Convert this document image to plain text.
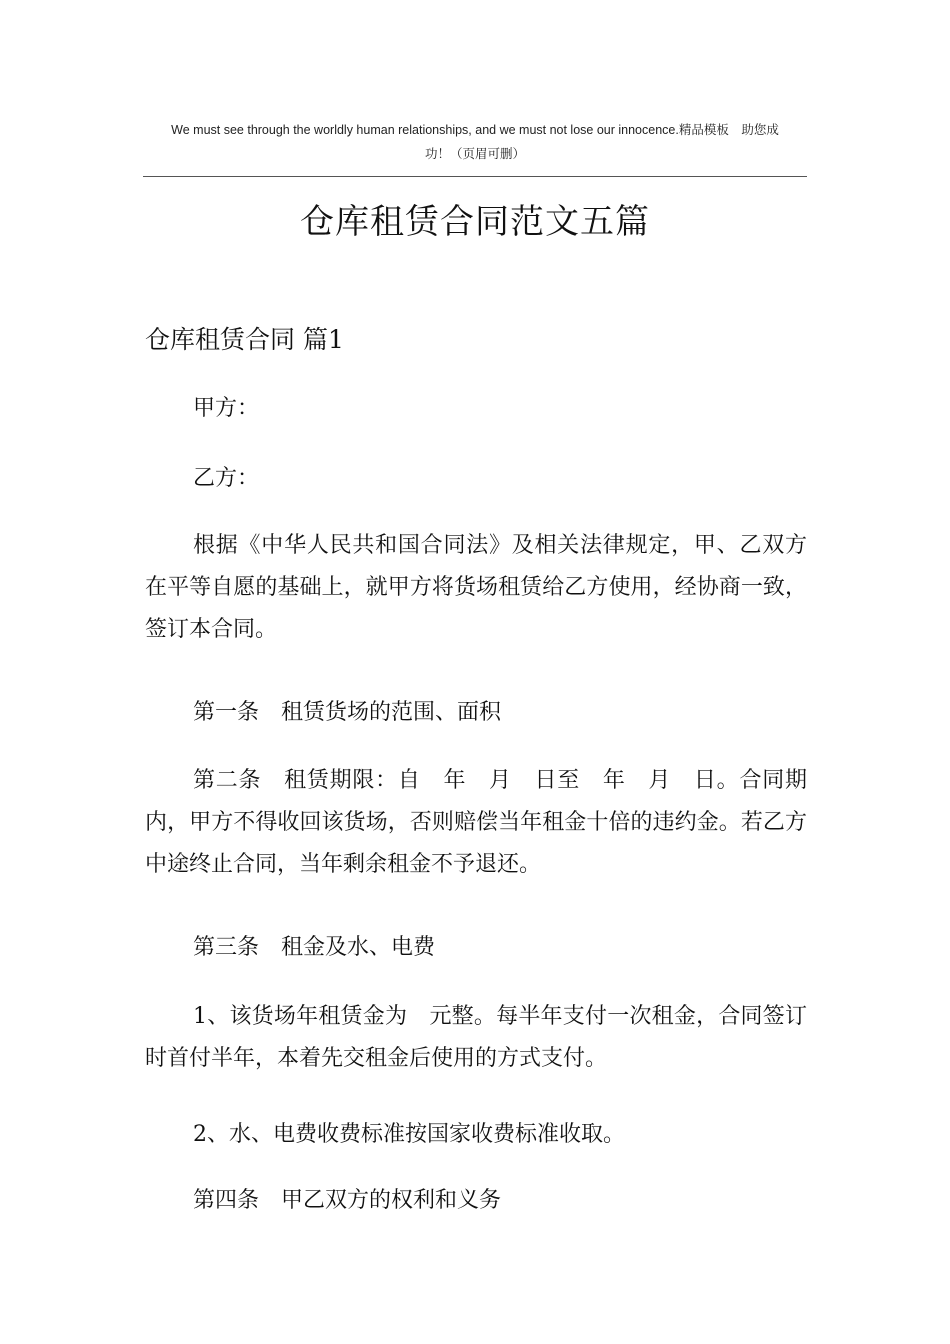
We must see through the worldly human relationships, and we must not lose our innocence.精品模板　助您成
功！（页眉可删）
仓库租赁合同范文五篇
仓库租赁合同 篇1

甲方：

乙方：

根据《中华人民共和国合同法》及相关法律规定，甲、乙双方在平等自愿的基础上，就甲方将货场租赁给乙方使用，经协商一致，签订本合同。

第一条　租赁货场的范围、面积

第二条　租赁期限：自　年　月　日至　年　月　日。合同期内，甲方不得收回该货场，否则赔偿当年租金十倍的违约金。若乙方中途终止合同，当年剩余租金不予退还。

第三条　租金及水、电费

1、该货场年租赁金为　元整。每半年支付一次租金，合同签订时首付半年，本着先交租金后使用的方式支付。

2、水、电费收费标准按国家收费标准收取。

第四条　甲乙双方的权利和义务
